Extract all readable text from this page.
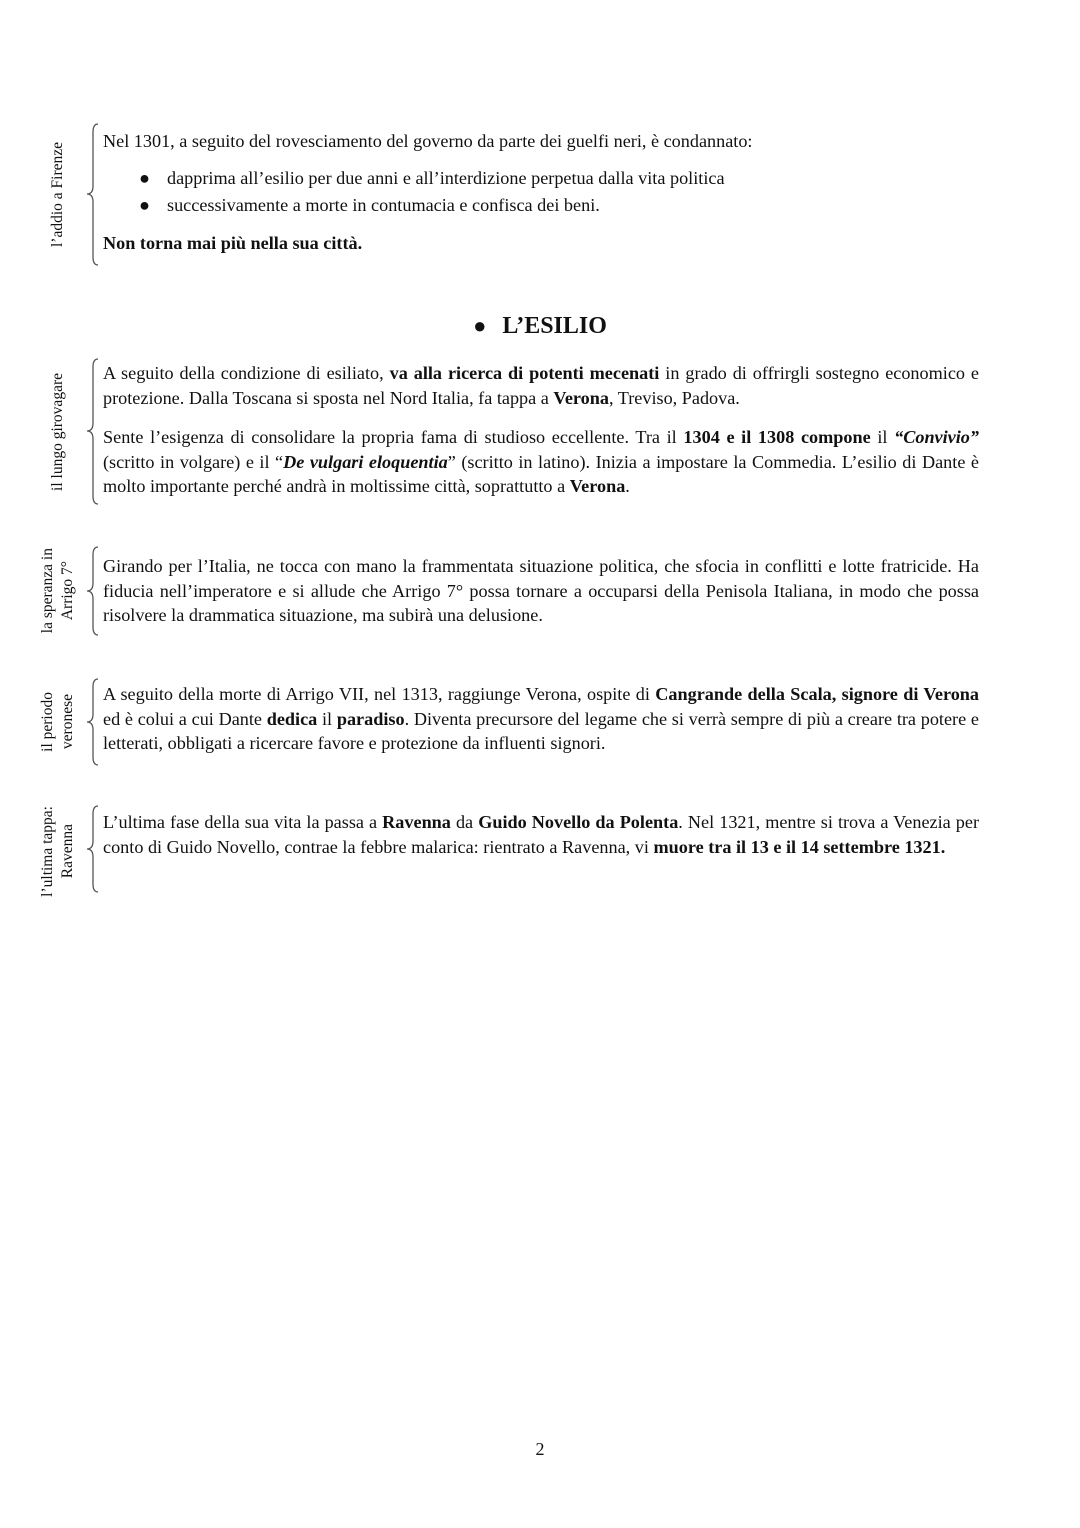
l’addio a Firenze

Nel 1301, a seguito del rovesciamento del governo da parte dei guelfi neri, è condannato:

● dapprima all’esilio per due anni e all’interdizione perpetua dalla vita politica
● successivamente a morte in contumacia e confisca dei beni.

Non torna mai più nella sua città.

● L’ESILIO
il lungo girovagare A seguito della condizione di esiliato, va alla ricerca di potenti mecenati in grado di offrirgli sostegno economico e protezione. Dalla Toscana si sposta nel Nord Italia, fa tappa a Verona, Treviso, Padova.

Sente l’esigenza di consolidare la propria fama di studioso eccellente. Tra il 1304 e il 1308 compone il “Convivio” (scritto in volgare) e il “De vulgari eloquentia” (scritto in latino). Inizia a impostare la Commedia. L’esilio di Dante è molto importante perché andrà in moltissime città, soprattutto a Verona.

la speranza in Arrigo 7° Girando per l’Italia, ne tocca con mano la frammentata situazione politica, che sfocia in conflitti e lotte fratricide. Ha fiducia nell’imperatore e si allude che Arrigo 7° possa tornare a occuparsi della Penisola Italiana, in modo che possa risolvere la drammatica situazione, ma subirà una delusione.

il periodo veronese

A seguito della morte di Arrigo VII, nel 1313, raggiunge Verona, ospite di Cangrande della Scala, signore di Verona ed è colui a cui Dante dedica il paradiso. Diventa precursore del legame che si verrà sempre di più a creare tra potere e letterati, obbligati a ricercare favore e protezione da influenti signori.

l’ultima tappa: Ravenna

L’ultima fase della sua vita la passa a Ravenna da Guido Novello da Polenta. Nel 1321, mentre si trova a Venezia per conto di Guido Novello, contrae la febbre malarica: rientrato a Ravenna, vi muore tra il 13 e il 14 settembre 1321.

2
